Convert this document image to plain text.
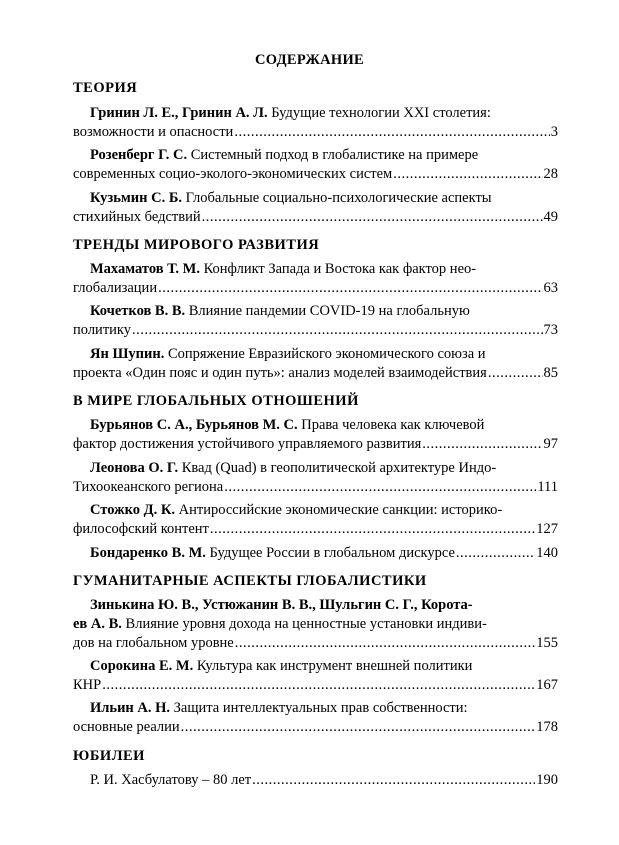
СОДЕРЖАНИЕ
ТЕОРИЯ
Гринин Л. Е., Гринин А. Л. Будущие технологии XXI столетия:
возможности и опасности .....	3
Розенберг Г. С. Системный подход в глобалистике на примере
современных социо-эколого-экономических систем .....	28
Кузьмин С. Б. Глобальные социально-психологические аспекты
стихийных бедствий .....	49
ТРЕНДЫ МИРОВОГО РАЗВИТИЯ
Махаматов Т. М. Конфликт Запада и Востока как фактор нео-
глобализации .....	63
Кочетков В. В. Влияние пандемии COVID-19 на глобальную
политику .....	73
Ян Шупин. Сопряжение Евразийского экономического союза и
проекта «Один пояс и один путь»: анализ моделей взаимодействия .....	85
В МИРЕ ГЛОБАЛЬНЫХ ОТНОШЕНИЙ
Бурьянов С. А., Бурьянов М. С. Права человека как ключевой
фактор достижения устойчивого управляемого развития .....	97
Леонова О. Г. Квад (Quad) в геополитической архитектуре Индо-
Тихоокеанского региона .....	111
Стожко Д. К. Антироссийские экономические санкции: историко-
философский контент .....	127
Бондаренко В. М. Будущее России в глобальном дискурсе .....	140
ГУМАНИТАРНЫЕ АСПЕКТЫ ГЛОБАЛИСТИКИ
Зинькина Ю. В., Устюжанин В. В., Шульгин С. Г., Корота-
ев А. В. Влияние уровня дохода на ценностные установки индиви-
дов на глобальном уровне .....	155
Сорокина Е. М. Культура как инструмент внешней политики
КНР .....	167
Ильин А. Н. Защита интеллектуальных прав собственности:
основные реалии .....	178
ЮБИЛЕИ
Р. И. Хасбулатову – 80 лет .....	190
